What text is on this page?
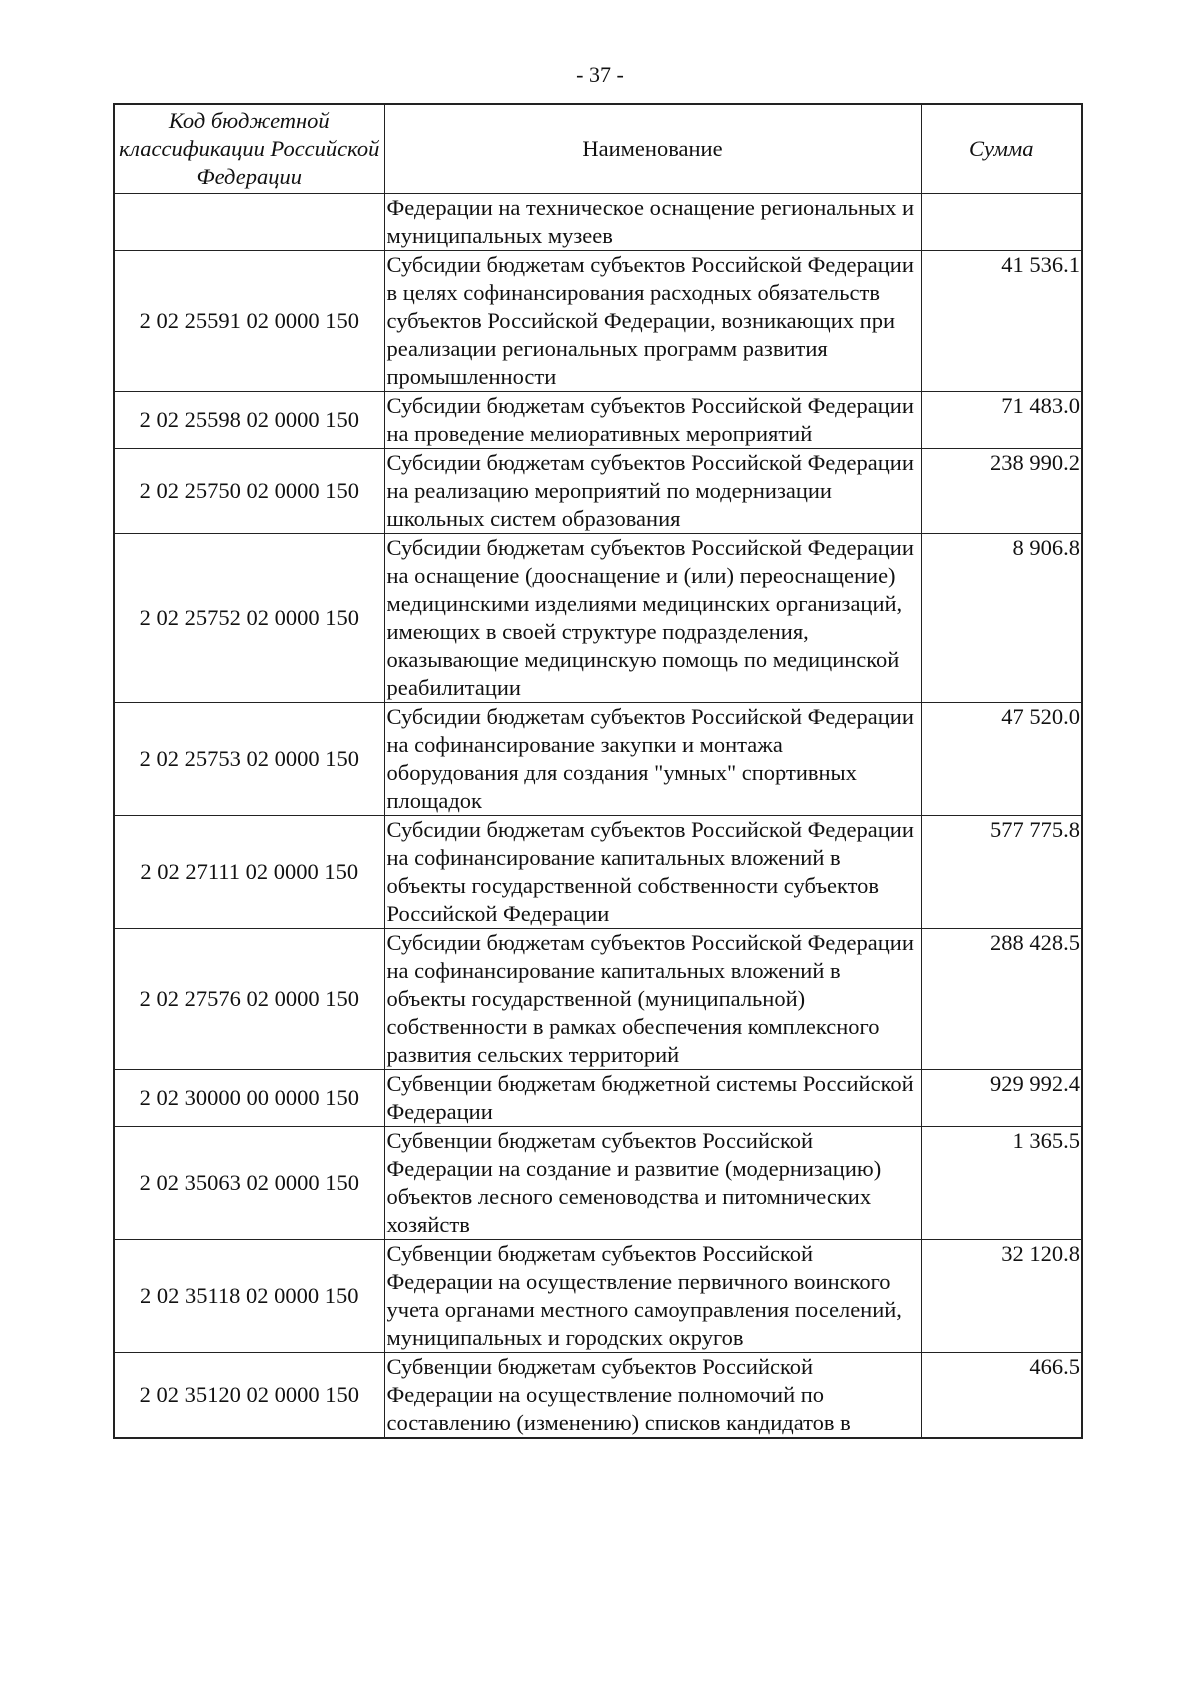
- 37 -
Код бюджетной классификации Российской Федерации	Наименование	Сумма
	Федерации на техническое оснащение региональных и муниципальных музеев	
2 02 25591 02 0000 150	Субсидии бюджетам субъектов Российской Федерации в целях софинансирования расходных обязательств субъектов Российской Федерации, возникающих при реализации региональных программ развития промышленности	41 536.1
2 02 25598 02 0000 150	Субсидии бюджетам субъектов Российской Федерации на проведение мелиоративных мероприятий	71 483.0
2 02 25750 02 0000 150	Субсидии бюджетам субъектов Российской Федерации на реализацию мероприятий по модернизации школьных систем образования	238 990.2
2 02 25752 02 0000 150	Субсидии бюджетам субъектов Российской Федерации на оснащение (дооснащение и (или) переоснащение) медицинскими изделиями медицинских организаций, имеющих в своей структуре подразделения, оказывающие медицинскую помощь по медицинской реабилитации	8 906.8
2 02 25753 02 0000 150	Субсидии бюджетам субъектов Российской Федерации на софинансирование закупки и монтажа оборудования для создания "умных" спортивных площадок	47 520.0
2 02 27111 02 0000 150	Субсидии бюджетам субъектов Российской Федерации на софинансирование капитальных вложений в объекты государственной собственности субъектов Российской Федерации	577 775.8
2 02 27576 02 0000 150	Субсидии бюджетам субъектов Российской Федерации на софинансирование капитальных вложений в объекты государственной (муниципальной) собственности в рамках обеспечения комплексного развития сельских территорий	288 428.5
2 02 30000 00 0000 150	Субвенции бюджетам бюджетной системы Российской Федерации	929 992.4
2 02 35063 02 0000 150	Субвенции бюджетам субъектов Российской Федерации на создание и развитие (модернизацию) объектов лесного семеноводства и питомнических хозяйств	1 365.5
2 02 35118 02 0000 150	Субвенции бюджетам субъектов Российской Федерации на осуществление первичного воинского учета органами местного самоуправления поселений, муниципальных и городских округов	32 120.8
2 02 35120 02 0000 150	Субвенции бюджетам субъектов Российской Федерации на осуществление полномочий по составлению (изменению) списков кандидатов в	466.5
